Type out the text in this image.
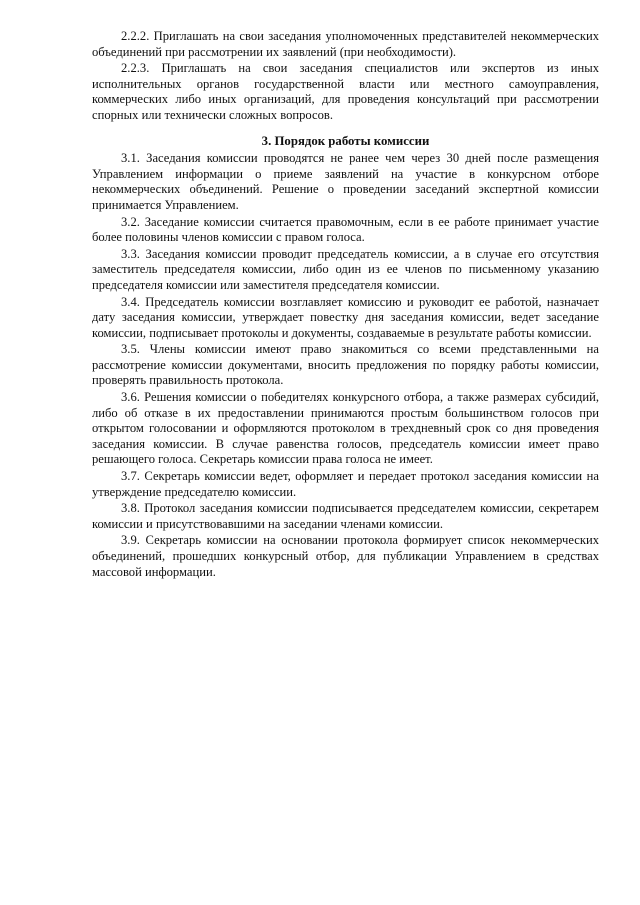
2.2.2. Приглашать на свои заседания уполномоченных представителей некоммерческих объединений при рассмотрении их заявлений (при необходимости).

2.2.3. Приглашать на свои заседания специалистов или экспертов из иных исполнительных органов государственной власти или местного самоуправления, коммерческих либо иных организаций, для проведения консультаций при рассмотрении спорных или технически сложных вопросов.

3. Порядок работы комиссии

3.1. Заседания комиссии проводятся не ранее чем через 30 дней после размещения Управлением информации о приеме заявлений на участие в конкурсном отборе некоммерческих объединений. Решение о проведении заседаний экспертной комиссии принимается Управлением.

3.2. Заседание комиссии считается правомочным, если в ее работе принимает участие более половины членов комиссии с правом голоса.

3.3. Заседания комиссии проводит председатель комиссии, а в случае его отсутствия заместитель председателя комиссии, либо один из ее членов по письменному указанию председателя комиссии или заместителя председателя комиссии.

3.4. Председатель комиссии возглавляет комиссию и руководит ее работой, назначает дату заседания комиссии, утверждает повестку дня заседания комиссии, ведет заседание комиссии, подписывает протоколы и документы, создаваемые в результате работы комиссии.

3.5. Члены комиссии имеют право знакомиться со всеми представленными на рассмотрение комиссии документами, вносить предложения по порядку работы комиссии, проверять правильность протокола.

3.6. Решения комиссии о победителях конкурсного отбора, а также размерах субсидий, либо об отказе в их предоставлении принимаются простым большинством голосов при открытом голосовании и оформляются протоколом в трехдневный срок со дня проведения заседания комиссии. В случае равенства голосов, председатель комиссии имеет право решающего голоса. Секретарь комиссии права голоса не имеет.

3.7. Секретарь комиссии ведет, оформляет и передает протокол заседания комиссии на утверждение председателю комиссии.

3.8. Протокол заседания комиссии подписывается председателем комиссии, секретарем комиссии и присутствовавшими на заседании членами комиссии.

3.9. Секретарь комиссии на основании протокола формирует список некоммерческих объединений, прошедших конкурсный отбор, для публикации Управлением в средствах массовой информации.
